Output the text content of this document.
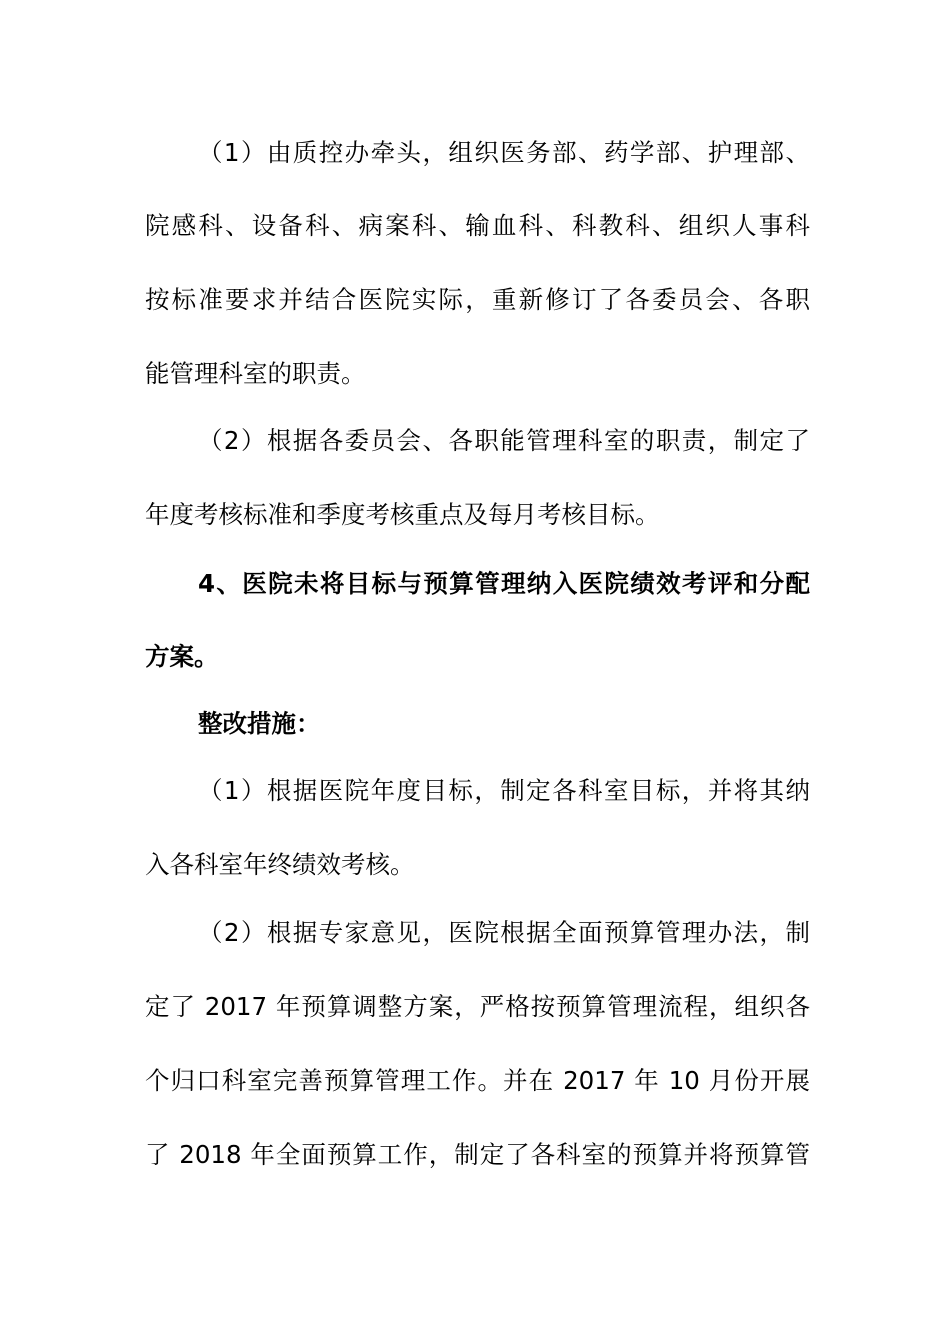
（1）由质控办牵头，组织医务部、药学部、护理部、
院感科、设备科、病案科、输血科、科教科、组织人事科
按标准要求并结合医院实际，重新修订了各委员会、各职
能管理科室的职责。
（2）根据各委员会、各职能管理科室的职责，制定了
年度考核标准和季度考核重点及每月考核目标。
4、医院未将目标与预算管理纳入医院绩效考评和分配
方案。
整改措施：
（1）根据医院年度目标，制定各科室目标，并将其纳
入各科室年终绩效考核。
（2）根据专家意见，医院根据全面预算管理办法，制
定了 2017 年预算调整方案，严格按预算管理流程，组织各
个归口科室完善预算管理工作。并在 2017 年 10 月份开展
了 2018 年全面预算工作，制定了各科室的预算并将预算管
